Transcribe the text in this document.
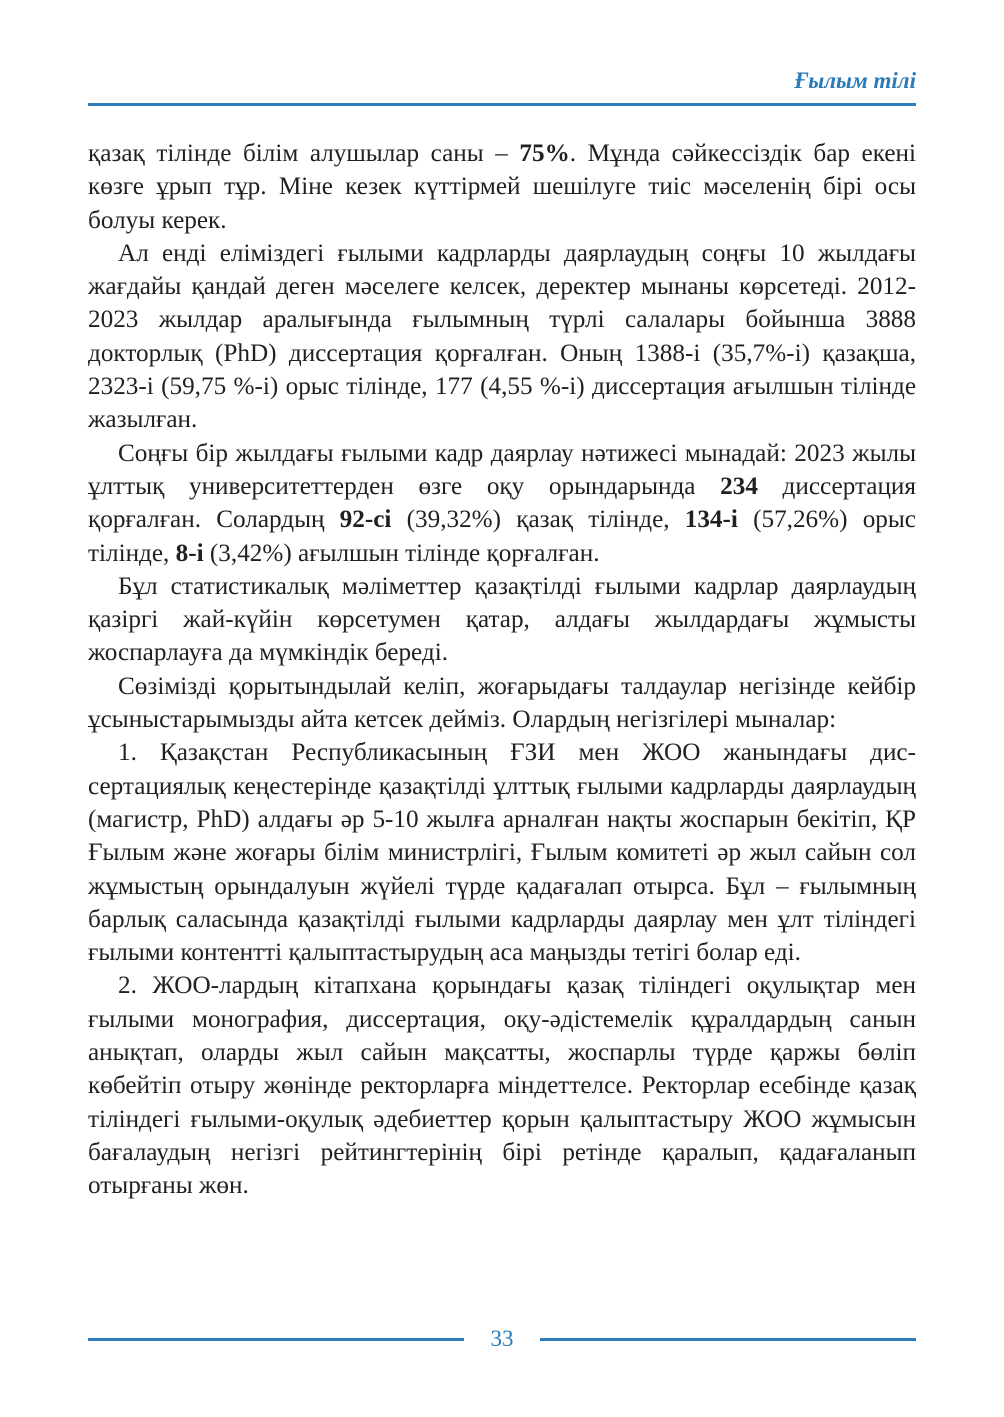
Ғылым тілі

қазақ тілінде білім алушылар саны – 75%. Мұнда сәйкессіздік бар екені көзге ұрып тұр. Міне кезек күттірмей шешілуге тиіс мәселенің бірі осы болуы керек.

Ал енді еліміздегі ғылыми кадрларды даярлаудың соңғы 10 жылдағы жағдайы қандай деген мәселеге келсек, деректер мынаны көрсетеді. 2012-2023 жылдар аралығында ғылымның түрлі салалары бойынша 3888 докторлық (PhD) диссертация қорғалған. Оның 1388-і (35,7%-і) қазақша, 2323-і (59,75 %-і) орыс тілінде, 177 (4,55 %-і) диссертация ағылшын тілінде жазылған.

Соңғы бір жылдағы ғылыми кадр даярлау нәтижесі мынадай: 2023 жылы ұлттық университеттерден өзге оқу орындарында 234 диссертация қорғалған. Солардың 92-сі (39,32%) қазақ тілінде, 134-і (57,26%) орыс тілінде, 8-і (3,42%) ағылшын тілінде қорғалған.

Бұл статистикалық мәліметтер қазақтілді ғылыми кадрлар даярлаудың қазіргі жай-күйін көрсетумен қатар, алдағы жылдардағы жұмысты жоспарлауға да мүмкіндік береді.

Сөзімізді қорытындылай келіп, жоғарыдағы талдаулар негізінде кейбір ұсыныстарымызды айта кетсек дейміз. Олардың негізгілері мыналар:

1. Қазақстан Республикасының ҒЗИ мен ЖОО жанындағы диссертациялық кеңестерінде қазақтілді ұлттық ғылыми кадрларды даярлаудың (магистр, PhD) алдағы әр 5-10 жылға арналған нақты жоспарын бекітіп, ҚР Ғылым және жоғары білім министрлігі, Ғылым комитеті әр жыл сайын сол жұмыстың орындалуын жүйелі түрде қадағалап отырса. Бұл – ғылымның барлық саласында қазақтілді ғылыми кадрларды даярлау мен ұлт тіліндегі ғылыми контентті қалыптастырудың аса маңызды тетігі болар еді.

2. ЖОО-лардың кітапхана қорындағы қазақ тіліндегі оқулықтар мен ғылыми монография, диссертация, оқу-әдістемелік құралдардың санын анықтап, оларды жыл сайын мақсатты, жоспарлы түрде қаржы бөліп көбейтіп отыру жөнінде ректорларға міндеттелсе. Ректорлар есебінде қазақ тіліндегі ғылыми-оқулық әдебиеттер қорын қалыптастыру ЖОО жұмысын бағалаудың негізгі рейтингтерінің бірі ретінде қаралып, қадағаланып отырғаны жөн.

33
